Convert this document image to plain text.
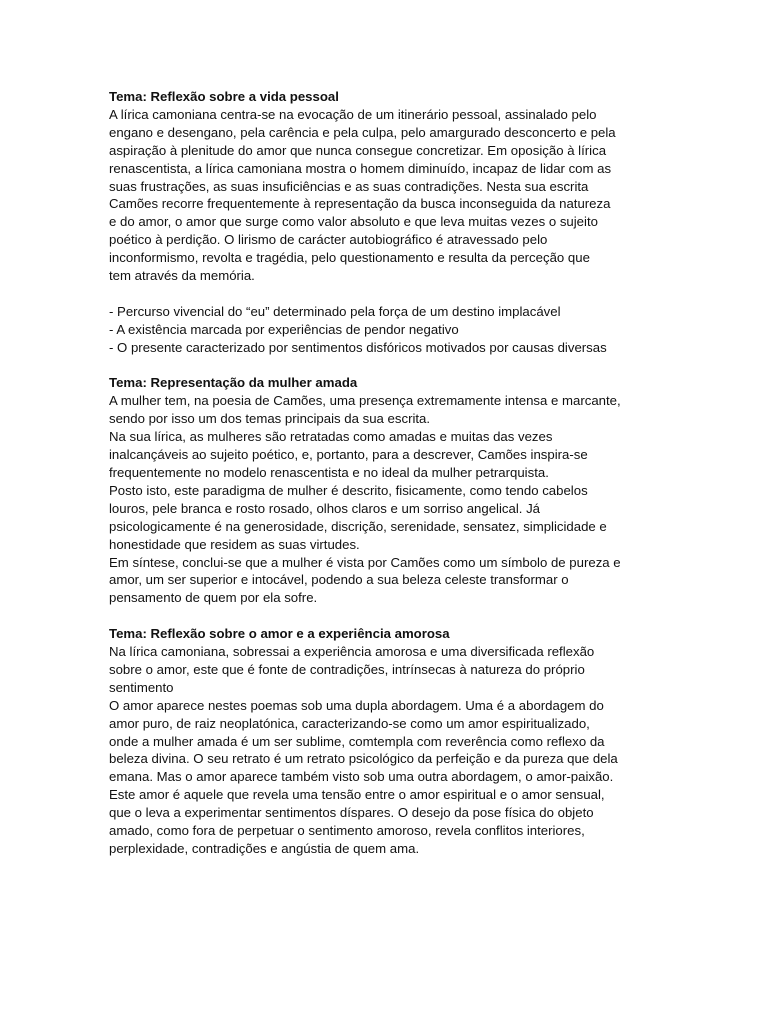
Tema: Reflexão sobre a vida pessoal

A lírica camoniana centra-se na evocação de um itinerário pessoal, assinalado pelo

engano e desengano, pela carência e pela culpa, pelo amargurado desconcerto e pela

aspiração à plenitude do amor que nunca consegue concretizar. Em oposição à lírica

renascentista, a lírica camoniana mostra o homem diminuído, incapaz de lidar com as

suas frustrações, as suas insuficiências e as suas contradições. Nesta sua escrita

Camões recorre frequentemente à representação da busca inconseguida da natureza

e do amor, o amor que surge como valor absoluto e que leva muitas vezes o sujeito

poético à perdição. O lirismo de carácter autobiográfico é atravessado pelo

inconformismo, revolta e tragédia, pelo questionamento e resulta da perceção que

tem através da memória.

- Percurso vivencial do “eu” determinado pela força de um destino implacável

- A existência marcada por experiências de pendor negativo

- O presente caracterizado por sentimentos disfóricos motivados por causas diversas

Tema: Representação da mulher amada

A mulher tem, na poesia de Camões, uma presença extremamente intensa e marcante,

sendo por isso um dos temas principais da sua escrita.

Na sua lírica, as mulheres são retratadas como amadas e muitas das vezes

inalcançáveis ao sujeito poético, e, portanto, para a descrever, Camões inspira-se

frequentemente no modelo renascentista e no ideal da mulher petrarquista.

Posto isto, este paradigma de mulher é descrito, fisicamente, como tendo cabelos

louros, pele branca e rosto rosado, olhos claros e um sorriso angelical. Já

psicologicamente é na generosidade, discrição, serenidade, sensatez, simplicidade e

honestidade que residem as suas virtudes.

Em síntese, conclui-se que a mulher é vista por Camões como um símbolo de pureza e

amor, um ser superior e intocável, podendo a sua beleza celeste transformar o

pensamento de quem por ela sofre.

Tema: Reflexão sobre o amor e a experiência amorosa

Na lírica camoniana, sobressai a experiência amorosa e uma diversificada reflexão

sobre o amor, este que é fonte de contradições, intrínsecas à natureza do próprio

sentimento

O amor aparece nestes poemas sob uma dupla abordagem. Uma é a abordagem do

amor puro, de raiz neoplatónica, caracterizando-se como um amor espiritualizado,

onde a mulher amada é um ser sublime, comtempla com reverência como reflexo da

beleza divina. O seu retrato é um retrato psicológico da perfeição e da pureza que dela

emana. Mas o amor aparece também visto sob uma outra abordagem, o amor-paixão.

Este amor é aquele que revela uma tensão entre o amor espiritual e o amor sensual,

que o leva a experimentar sentimentos díspares. O desejo da pose física do objeto

amado, como fora de perpetuar o sentimento amoroso, revela conflitos interiores,

perplexidade, contradições e angústia de quem ama.
